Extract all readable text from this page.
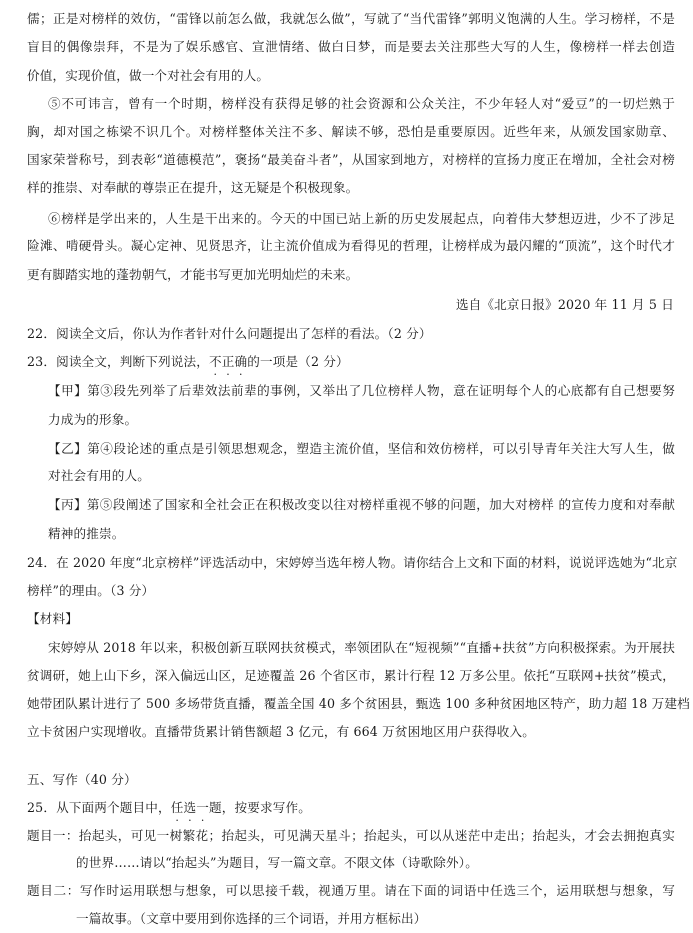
儒；正是对榜样的效仿，“雷锋以前怎么做，我就怎么做”，写就了“当代雷锋”郭明义饱满的人生。学习榜样，不是
盲目的偶像崇拜，不是为了娱乐感官、宣泄情绪、做白日梦，而是要去关注那些大写的人生，像榜样一样去创造
价值，实现价值，做一个对社会有用的人。
⑤不可讳言，曾有一个时期，榜样没有获得足够的社会资源和公众关注，不少年轻人对“爱豆”的一切烂熟于
胸，却对国之栋梁不识几个。对榜样整体关注不多、解读不够，恐怕是重要原因。近些年来，从颁发国家勋章、
国家荣誉称号，到表彰“道德模范”，褒扬“最美奋斗者”，从国家到地方，对榜样的宣扬力度正在增加，全社会对榜
样的推崇、对奉献的尊崇正在提升，这无疑是个积极现象。
⑥榜样是学出来的，人生是干出来的。今天的中国已站上新的历史发展起点，向着伟大梦想迈进，少不了涉足
险滩、啃硬骨头。凝心定神、见贤思齐，让主流价值成为看得见的哲理，让榜样成为最闪耀的“顶流”，这个时代才
更有脚踏实地的蓬勃朝气，才能书写更加光明灿烂的未来。
选自《北京日报》2020 年 11 月 5 日
22．阅读全文后，你认为作者针对什么问题提出了怎样的看法。（2 分）
23．阅读全文，判断下列说法，不正确的一项是（2 分）
【甲】第③段先列举了后辈效法前辈的事例，又举出了几位榜样人物，意在证明每个人的心底都有自己想要努
力成为的形象。
【乙】第④段论述的重点是引领思想观念，塑造主流价值，坚信和效仿榜样，可以引导青年关注大写人生，做
对社会有用的人。
【丙】第⑤段阐述了国家和全社会正在积极改变以往对榜样重视不够的问题，加大对榜样 的宣传力度和对奉献
精神的推崇。
24．在 2020 年度“北京榜样”评选活动中，宋婷婷当选年榜人物。请你结合上文和下面的材料，说说评选她为“北京
榜样”的理由。（3 分）
【材料】
宋婷婷从 2018 年以来，积极创新互联网扶贫模式，率领团队在“短视频”“直播+扶贫”方向积极探索。为开展扶
贫调研，她上山下乡，深入偏远山区，足迹覆盖 26 个省区市，累计行程 12 万多公里。依托“互联网+扶贫”模式，
她带团队累计进行了 500 多场带货直播，覆盖全国 40 多个贫困县，甄选 100 多种贫困地区特产，助力超 18 万建档
立卡贫困户实现增收。直播带货累计销售额超 3 亿元，有 664 万贫困地区用户获得收入。
五、写作（40 分）
25．从下面两个题目中，任选一题，按要求写作。
题目一：抬起头，可见一树繁花；抬起头，可见满天星斗；抬起头，可以从迷茫中走出；抬起头，才会去拥抱真实
的世界……请以“抬起头”为题目，写一篇文章。不限文体（诗歌除外）。
题目二：写作时运用联想与想象，可以思接千载，视通万里。请在下面的词语中任选三个，运用联想与想象，写
一篇故事。（文章中要用到你选择的三个词语，并用方框标出）
